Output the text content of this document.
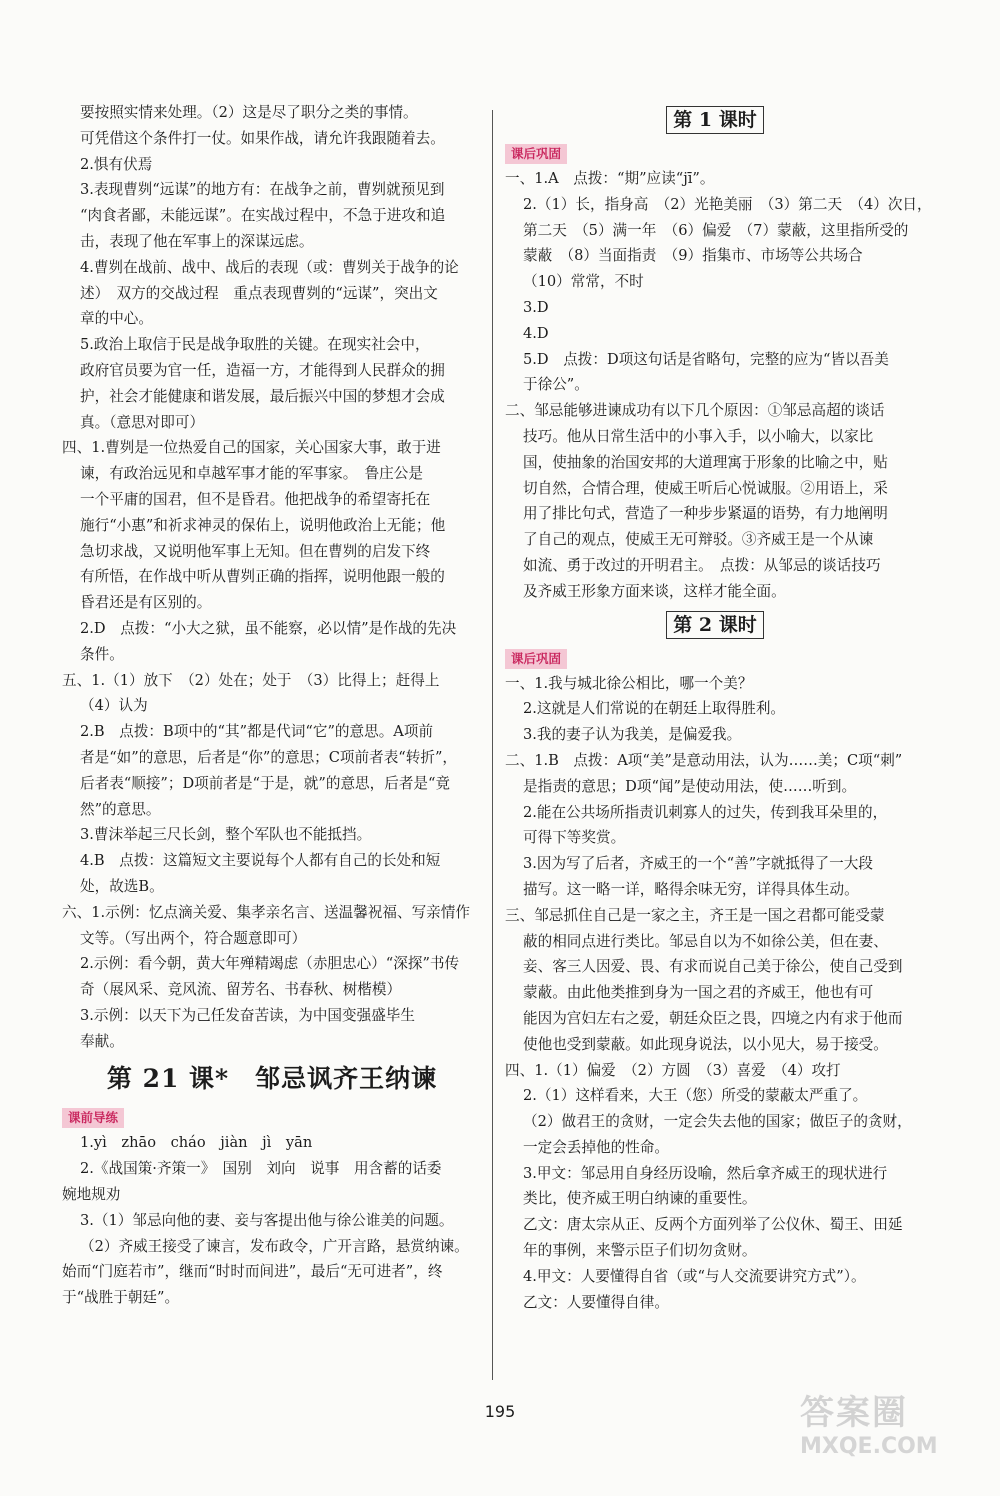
要按照实情来处理。（2）这是尽了职分之类的事情。
可凭借这个条件打一仗。如果作战，请允许我跟随着去。
2.惧有伏焉
3.表现曹刿“远谋”的地方有：在战争之前，曹刿就预见到
“肉食者鄙，未能远谋”。在实战过程中，不急于进攻和追
击，表现了他在军事上的深谋远虑。
4.曹刿在战前、战中、战后的表现（或：曹刿关于战争的论
述）　双方的交战过程　重点表现曹刿的“远谋”，突出文
章的中心。
5.政治上取信于民是战争取胜的关键。在现实社会中，
政府官员要为官一任，造福一方，才能得到人民群众的拥
护，社会才能健康和谐发展，最后振兴中国的梦想才会成
真。（意思对即可）
四、1.曹刿是一位热爱自己的国家，关心国家大事，敢于进
谏，有政治远见和卓越军事才能的军事家。　鲁庄公是
一个平庸的国君，但不是昏君。他把战争的希望寄托在
施行“小惠”和祈求神灵的保佑上，说明他政治上无能；他
急切求战，又说明他军事上无知。但在曹刿的启发下终
有所悟，在作战中听从曹刿正确的指挥，说明他跟一般的
昏君还是有区别的。
2.D　点拨：“小大之狱，虽不能察，必以情”是作战的先决
条件。
五、1.（1）放下　（2）处在；处于　（3）比得上；赶得上
（4）认为
2.B　点拨：B项中的“其”都是代词“它”的意思。A项前
者是“如”的意思，后者是“你”的意思；C项前者表“转折”，
后者表“顺接”；D项前者是“于是，就”的意思，后者是“竟
然”的意思。
3.曹沫举起三尺长剑，整个军队也不能抵挡。
4.B　点拨：这篇短文主要说每个人都有自己的长处和短
处，故选B。
六、1.示例：忆点滴关爱、集孝亲名言、送温馨祝福、写亲情作
文等。（写出两个，符合题意即可）
2.示例：看今朝，黄大年殚精竭虑（赤胆忠心）“深探”书传
奇（展风采、竞风流、留芳名、书春秋、树楷模）
3.示例：以天下为己任发奋苦读，为中国变强盛毕生
奉献。
第 21 课*　邹忌讽齐王纳谏
课前导练
1.yì　zhāo　cháo　jiàn　jì　yān
2.《战国策·齐策一》　国别　刘向　说事　用含蓄的话委
婉地规劝
3.（1）邹忌向他的妻、妾与客提出他与徐公谁美的问题。
（2）齐威王接受了谏言，发布政令，广开言路，悬赏纳谏。
始而“门庭若市”，继而“时时而间进”，最后“无可进者”，终
于“战胜于朝廷”。
第 1 课时
课后巩固
一、1.A　点拨：“期”应读“jī”。
2.（1）长，指身高　（2）光艳美丽　（3）第二天　（4）次日，
第二天　（5）满一年　（6）偏爱　（7）蒙蔽，这里指所受的
蒙蔽　（8）当面指责　（9）指集市、市场等公共场合
（10）常常，不时
3.D
4.D
5.D　点拨：D项这句话是省略句，完整的应为“皆以吾美
于徐公”。
二、邹忌能够进谏成功有以下几个原因：①邹忌高超的谈话
技巧。他从日常生活中的小事入手，以小喻大，以家比
国，使抽象的治国安邦的大道理寓于形象的比喻之中，贴
切自然，合情合理，使威王听后心悦诚服。②用语上，采
用了排比句式，营造了一种步步紧逼的语势，有力地阐明
了自己的观点，使威王无可辩驳。③齐威王是一个从谏
如流、勇于改过的开明君主。　点拨：从邹忌的谈话技巧
及齐威王形象方面来谈，这样才能全面。
第 2 课时
课后巩固
一、1.我与城北徐公相比，哪一个美？
2.这就是人们常说的在朝廷上取得胜利。
3.我的妻子认为我美，是偏爱我。
二、1.B　点拨：A项“美”是意动用法，认为……美；C项“刺”
是指责的意思；D项“闻”是使动用法，使……听到。
2.能在公共场所指责讥刺寡人的过失，传到我耳朵里的，
可得下等奖赏。
3.因为写了后者，齐威王的一个“善”字就抵得了一大段
描写。这一略一详，略得余味无穷，详得具体生动。
三、邹忌抓住自己是一家之主，齐王是一国之君都可能受蒙
蔽的相同点进行类比。邹忌自以为不如徐公美，但在妻、
妾、客三人因爱、畏、有求而说自己美于徐公，使自己受到
蒙蔽。由此他类推到身为一国之君的齐威王，他也有可
能因为宫妇左右之爱，朝廷众臣之畏，四境之内有求于他而
使他也受到蒙蔽。如此现身说法，以小见大，易于接受。
四、1.（1）偏爱　（2）方圆　（3）喜爱　（4）攻打
2.（1）这样看来，大王（您）所受的蒙蔽太严重了。
（2）做君王的贪财，一定会失去他的国家；做臣子的贪财，
一定会丢掉他的性命。
3.甲文：邹忌用自身经历设喻，然后拿齐威王的现状进行
类比，使齐威王明白纳谏的重要性。
乙文：唐太宗从正、反两个方面列举了公仪休、蜀王、田延
年的事例，来警示臣子们切勿贪财。
4.甲文：人要懂得自省（或“与人交流要讲究方式”）。
乙文：人要懂得自律。
195	答案圈
MXQE.COM
